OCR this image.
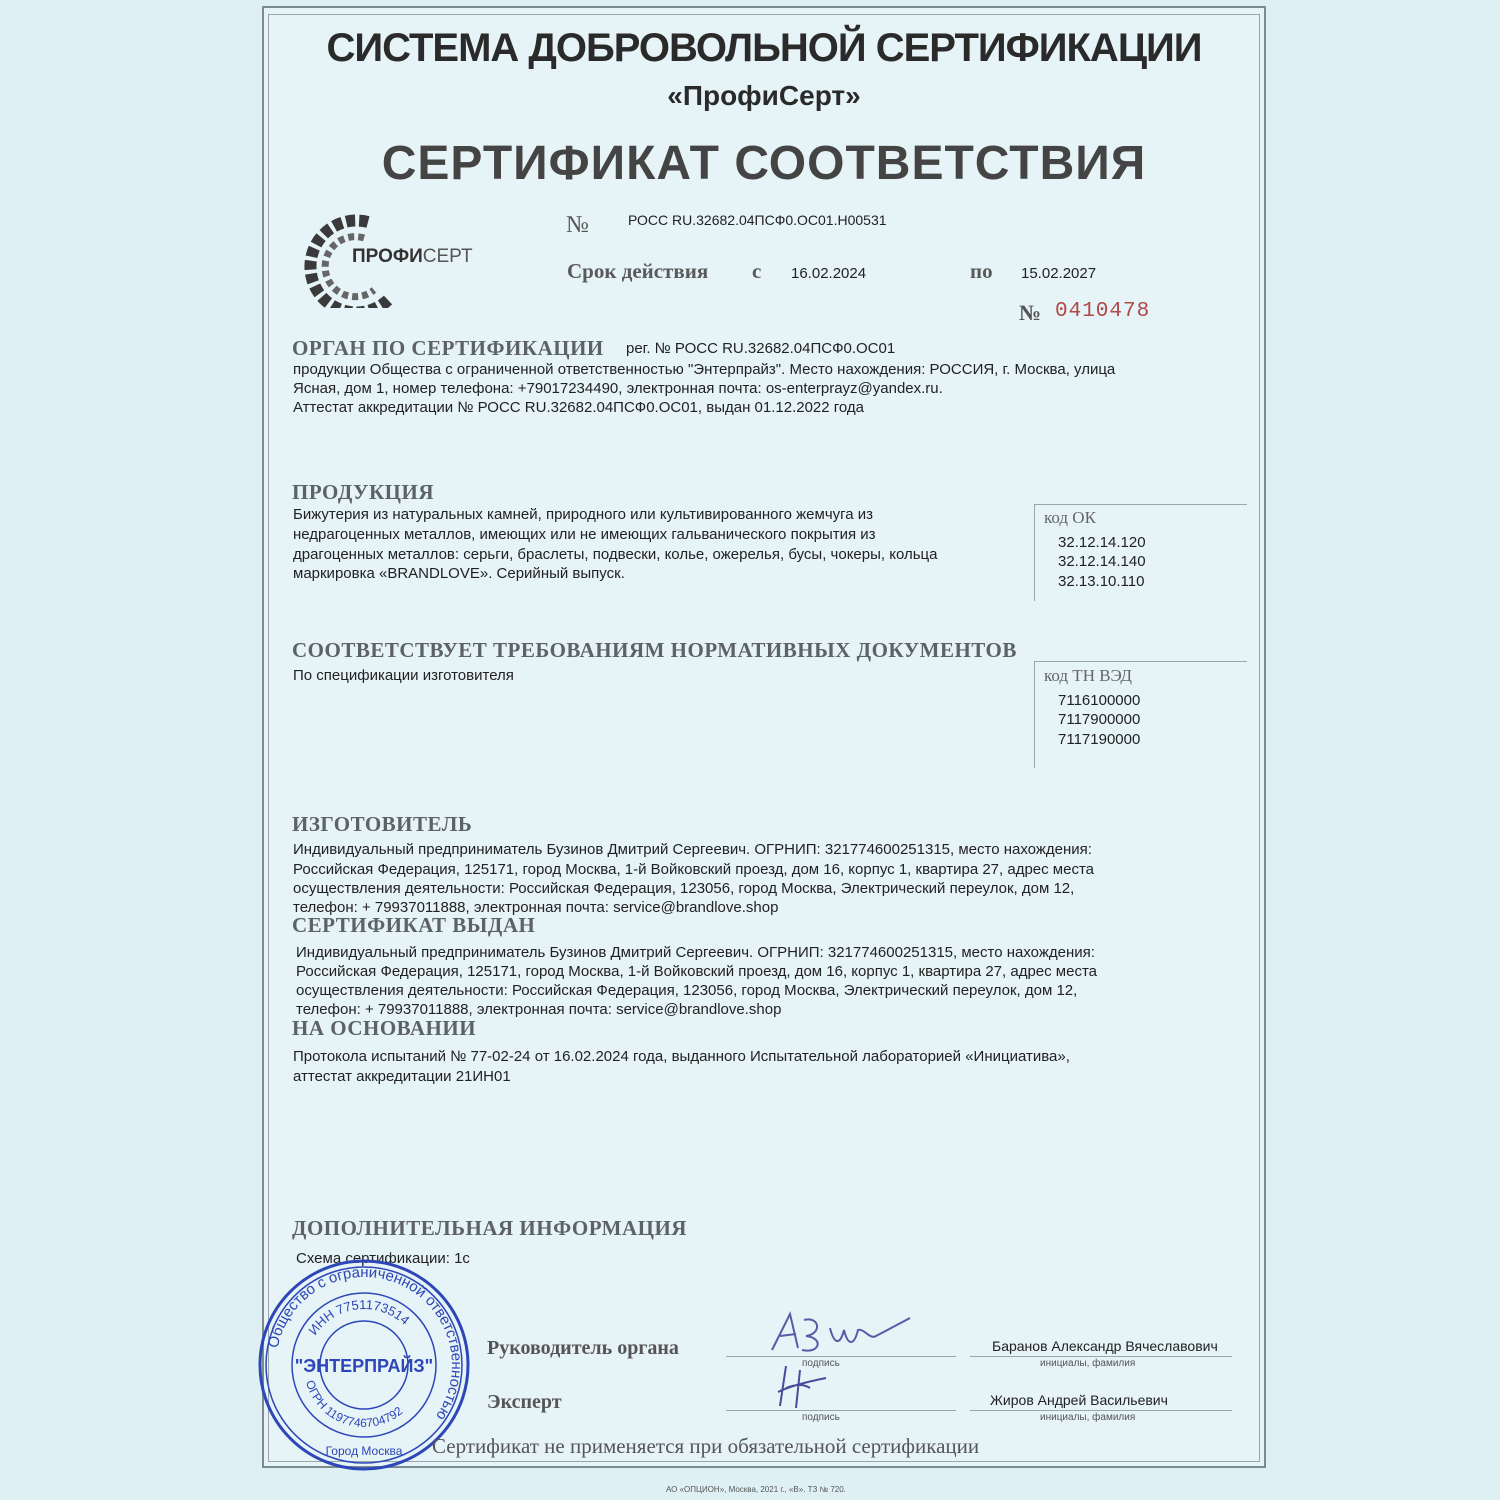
СИСТЕМА ДОБРОВОЛЬНОЙ СЕРТИФИКАЦИИ
«ПрофиСерт»
СЕРТИФИКАТ СООТВЕТСТВИЯ
ПРОФИСЕРТ
№	РОСС RU.32682.04ПСФ0.ОС01.Н00531
Срок действия с 16.02.2024	по 15.02.2027
№ 0410478
ОРГАН ПО СЕРТИФИКАЦИИ рег. № РОСС RU.32682.04ПСФ0.ОС01
продукции Общества с ограниченной ответственностью "Энтерпрайз". Место нахождения: РОССИЯ, г. Москва, улица
Ясная, дом 1, номер телефона: +79017234490, электронная почта: os-enterprayz@yandex.ru.
Аттестат аккредитации № РОСС RU.32682.04ПСФ0.ОС01, выдан 01.12.2022 года
ПРОДУКЦИЯ
Бижутерия из натуральных камней, природного или культивированного жемчуга из
недрагоценных металлов, имеющих или не имеющих гальванического покрытия из
драгоценных металлов: серьги, браслеты, подвески, колье, ожерелья, бусы, чокеры, кольца
маркировка «BRANDLOVE». Серийный выпуск.
код ОК
32.12.14.120
32.12.14.140
32.13.10.110
СООТВЕТСТВУЕТ ТРЕБОВАНИЯМ НОРМАТИВНЫХ ДОКУМЕНТОВ
По спецификации изготовителя	код ТН ВЭД
7116100000
7117900000
7117190000
ИЗГОТОВИТЕЛЬ
Индивидуальный предприниматель Бузинов Дмитрий Сергеевич. ОГРНИП: 321774600251315, место нахождения:
Российская Федерация, 125171, город Москва, 1-й Войковский проезд, дом 16, корпус 1, квартира 27, адрес места
осуществления деятельности: Российская Федерация, 123056, город Москва, Электрический переулок, дом 12,
телефон: + 79937011888, электронная почта: service@brandlove.shop
СЕРТИФИКАТ ВЫДАН
Индивидуальный предприниматель Бузинов Дмитрий Сергеевич. ОГРНИП: 321774600251315, место нахождения:
Российская Федерация, 125171, город Москва, 1-й Войковский проезд, дом 16, корпус 1, квартира 27, адрес места
осуществления деятельности: Российская Федерация, 123056, город Москва, Электрический переулок, дом 12,
телефон: + 79937011888, электронная почта: service@brandlove.shop
НА ОСНОВАНИИ
Протокола испытаний № 77-02-24 от 16.02.2024 года, выданного Испытательной лабораторией «Инициатива»,
аттестат аккредитации 21ИН01
ДОПОЛНИТЕЛЬНАЯ ИНФОРМАЦИЯ
Схема сертификации: 1с
Руководитель органа
подпись
Баранов Александр Вячеславович
инициалы, фамилия
Эксперт
подпись
Жиров Андрей Васильевич
инициалы, фамилия
Общество с ограниченной ответственностью
ИНН 7751173514
ОГРН 1197746704792
"ЭНТЕРПРАЙЗ"
Город Москва Сертификат не применяется при обязательной сертификации
АО «ОПЦИОН», Москва, 2021 г., «В». ТЗ № 720.
